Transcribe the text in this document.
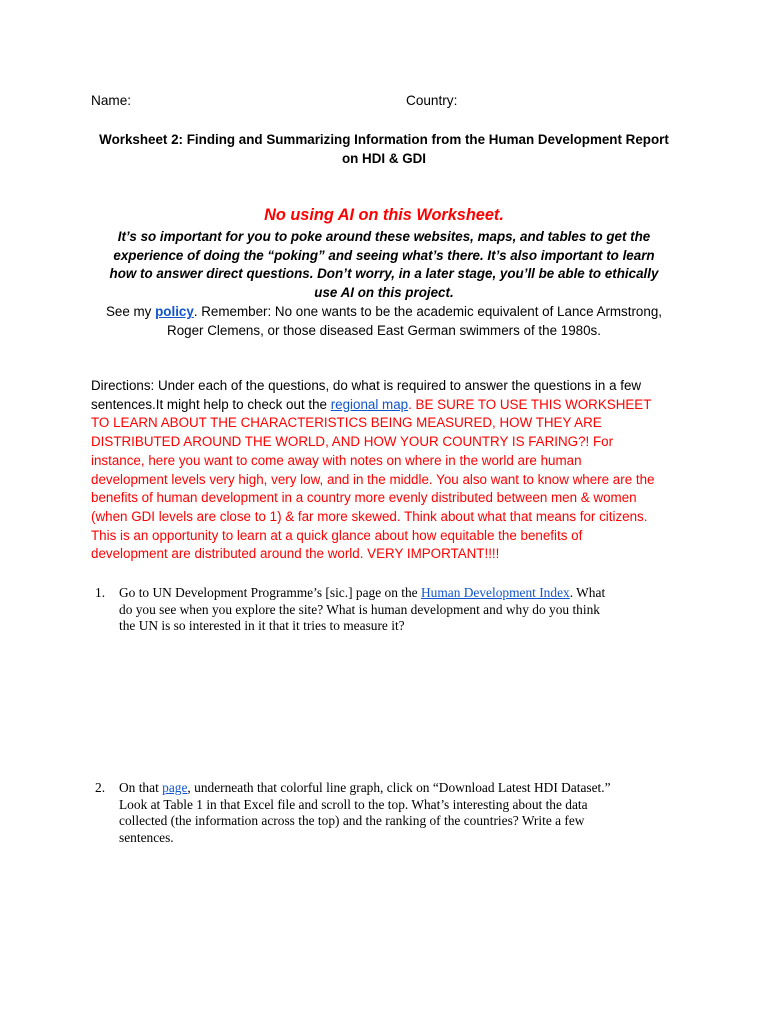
Name:	Country:
Worksheet 2: Finding and Summarizing Information from the Human Development Report
on HDI & GDI
No using AI on this Worksheet.
It’s so important for you to poke around these websites, maps, and tables to get the
experience of doing the “poking” and seeing what’s there. It’s also important to learn
how to answer direct questions. Don’t worry, in a later stage, you’ll be able to ethically
use AI on this project.
See my policy. Remember: No one wants to be the academic equivalent of Lance Armstrong,
Roger Clemens, or those diseased East German swimmers of the 1980s.
Directions: Under each of the questions, do what is required to answer the questions in a few
sentences.It might help to check out the regional map. BE SURE TO USE THIS WORKSHEET
TO LEARN ABOUT THE CHARACTERISTICS BEING MEASURED, HOW THEY ARE
DISTRIBUTED AROUND THE WORLD, AND HOW YOUR COUNTRY IS FARING?! For
instance, here you want to come away with notes on where in the world are human
development levels very high, very low, and in the middle. You also want to know where are the
benefits of human development in a country more evenly distributed between men & women
(when GDI levels are close to 1) & far more skewed. Think about what that means for citizens.
This is an opportunity to learn at a quick glance about how equitable the benefits of
development are distributed around the world. VERY IMPORTANT!!!!
1. Go to UN Development Programme’s [sic.] page on the Human Development Index. What
do you see when you explore the site? What is human development and why do you think
the UN is so interested in it that it tries to measure it?
2. On that page, underneath that colorful line graph, click on “Download Latest HDI Dataset.”
Look at Table 1 in that Excel file and scroll to the top. What’s interesting about the data
collected (the information across the top) and the ranking of the countries? Write a few
sentences.
